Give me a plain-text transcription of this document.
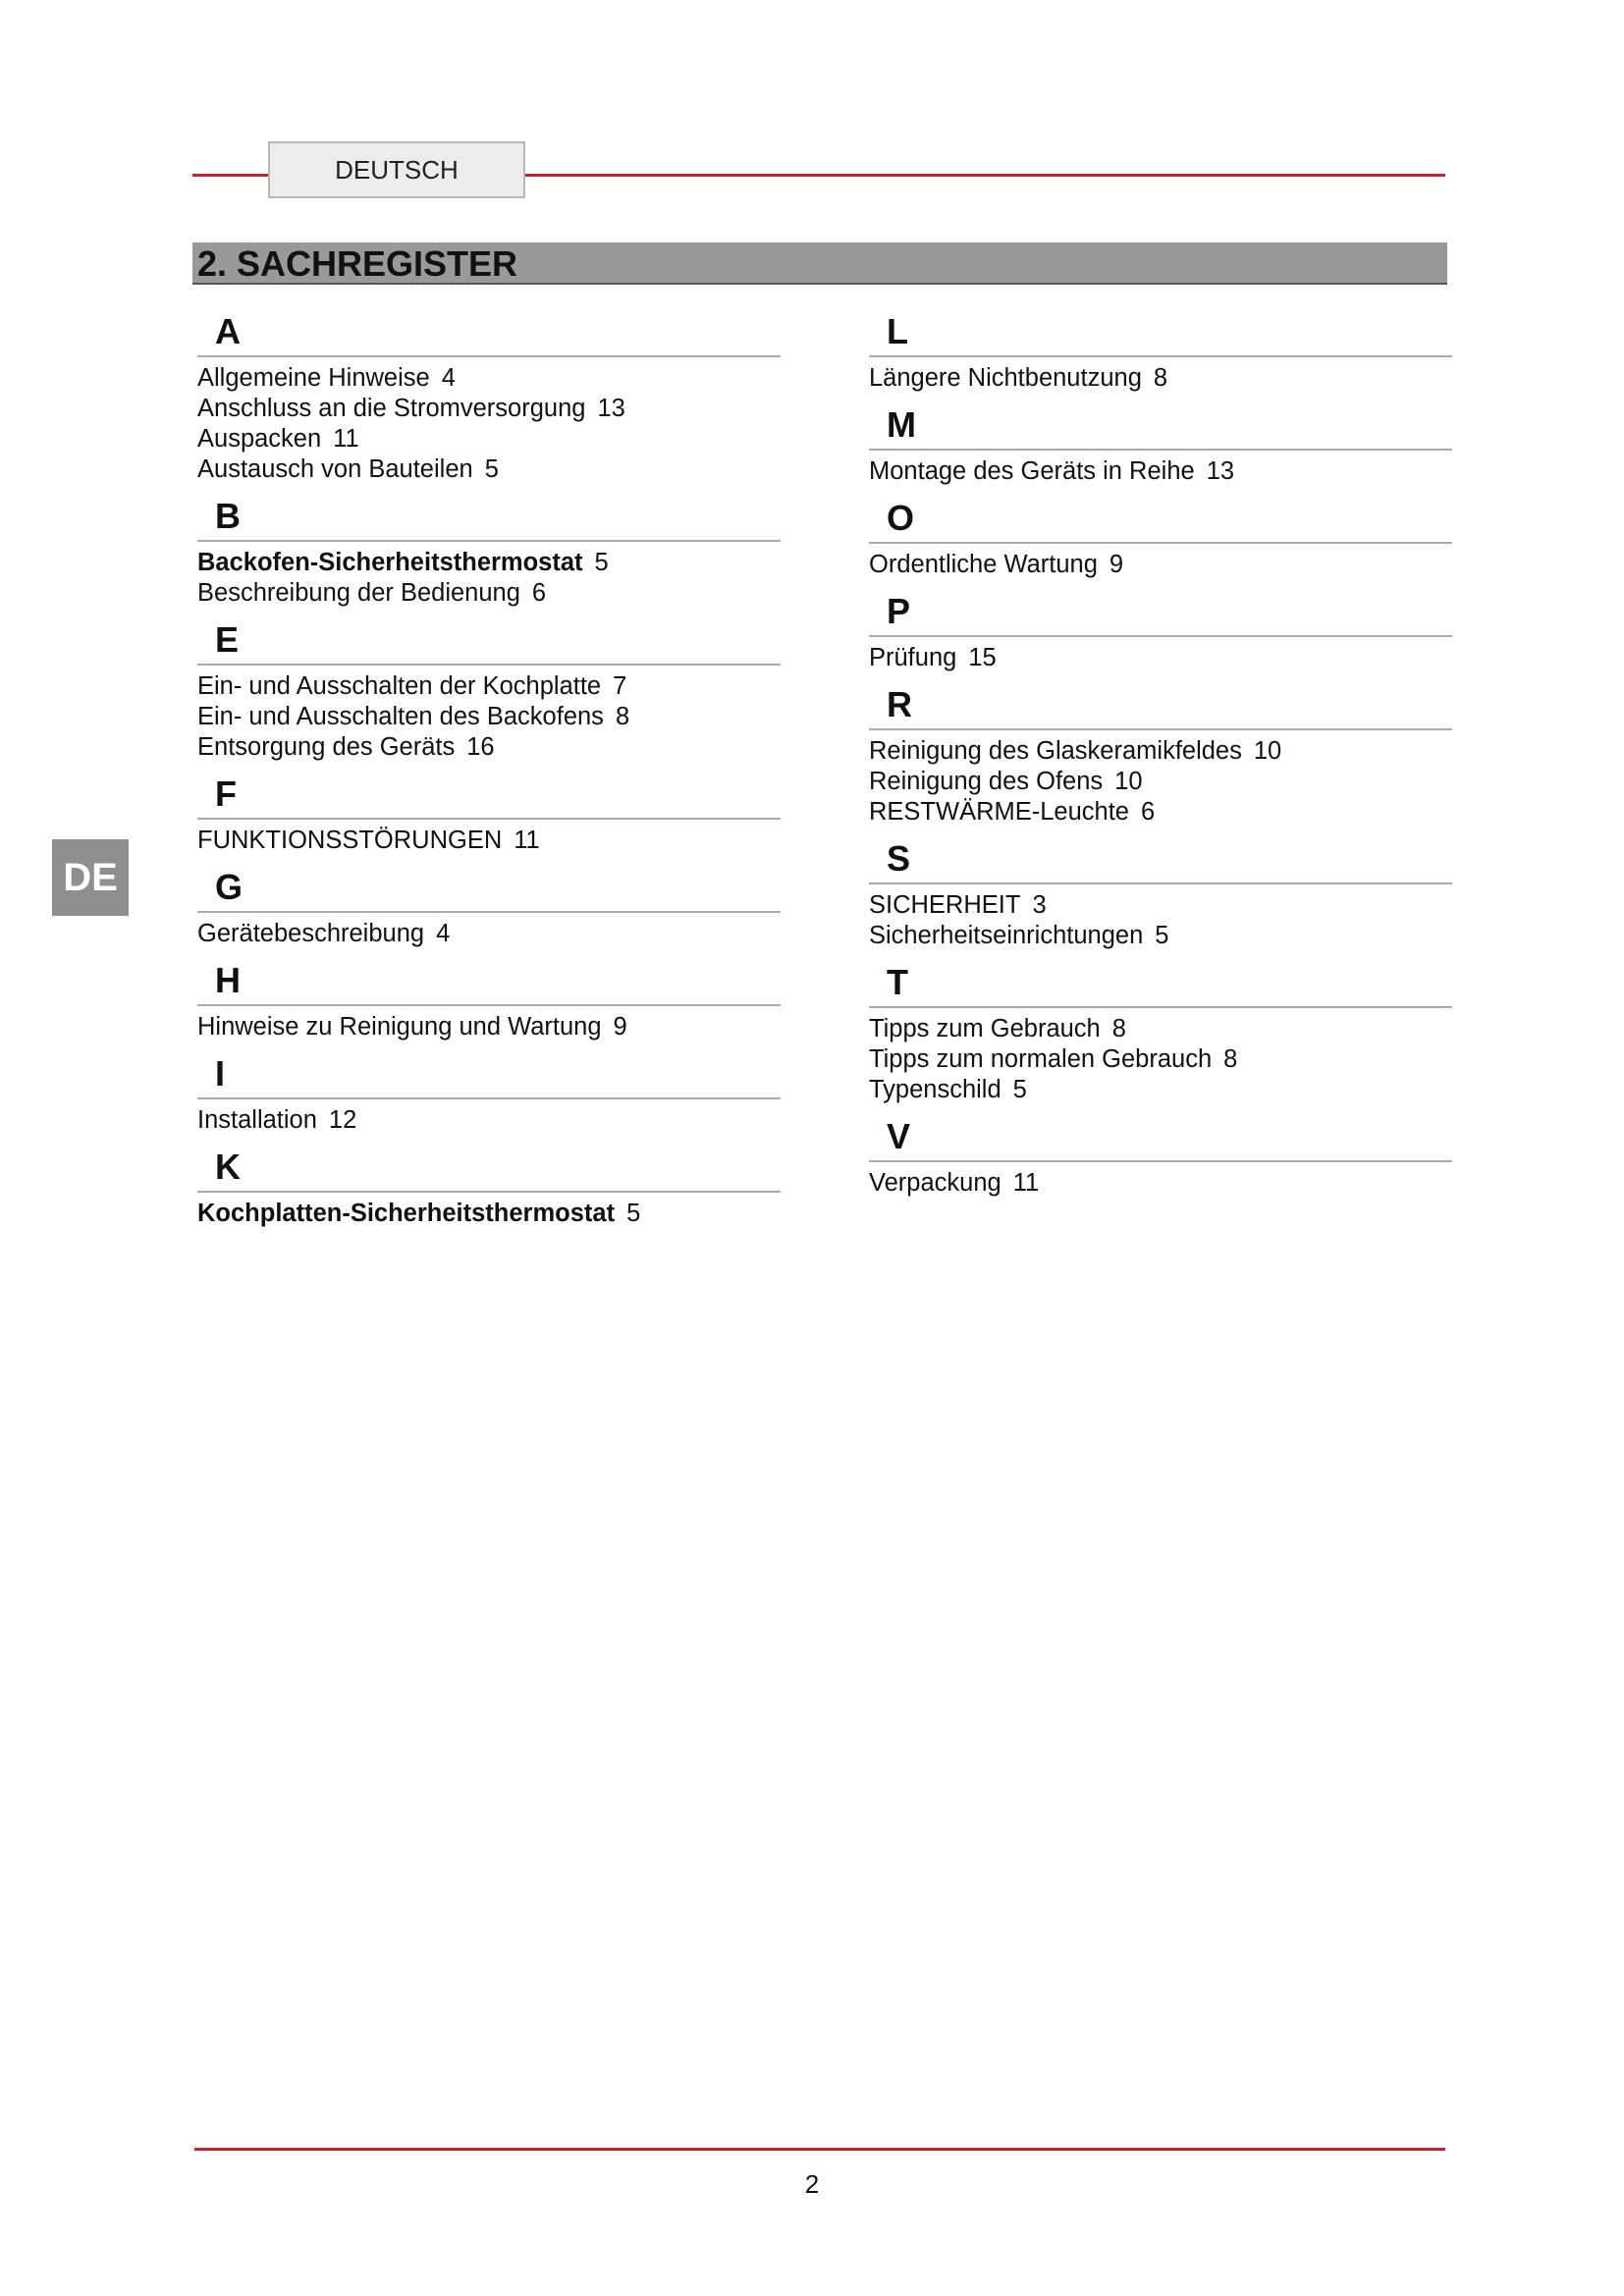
DEUTSCH
2. SACHREGISTER
DE
A
Allgemeine Hinweise 4
Anschluss an die Stromversorgung 13
Auspacken 11
Austausch von Bauteilen 5
B
Backofen-Sicherheitsthermostat 5
Beschreibung der Bedienung 6
E
Ein- und Ausschalten der Kochplatte 7
Ein- und Ausschalten des Backofens 8
Entsorgung des Geräts 16
F
FUNKTIONSSTÖRUNGEN 11
G
Gerätebeschreibung 4
H
Hinweise zu Reinigung und Wartung 9
I
Installation 12
K
Kochplatten-Sicherheitsthermostat 5
L
Längere Nichtbenutzung 8
M
Montage des Geräts in Reihe 13
O
Ordentliche Wartung 9
P
Prüfung 15
R
Reinigung des Glaskeramikfeldes 10
Reinigung des Ofens 10
RESTWÄRME-Leuchte 6
S
SICHERHEIT 3
Sicherheitseinrichtungen 5
T
Tipps zum Gebrauch 8
Tipps zum normalen Gebrauch 8
Typenschild 5
V
Verpackung 11
2
